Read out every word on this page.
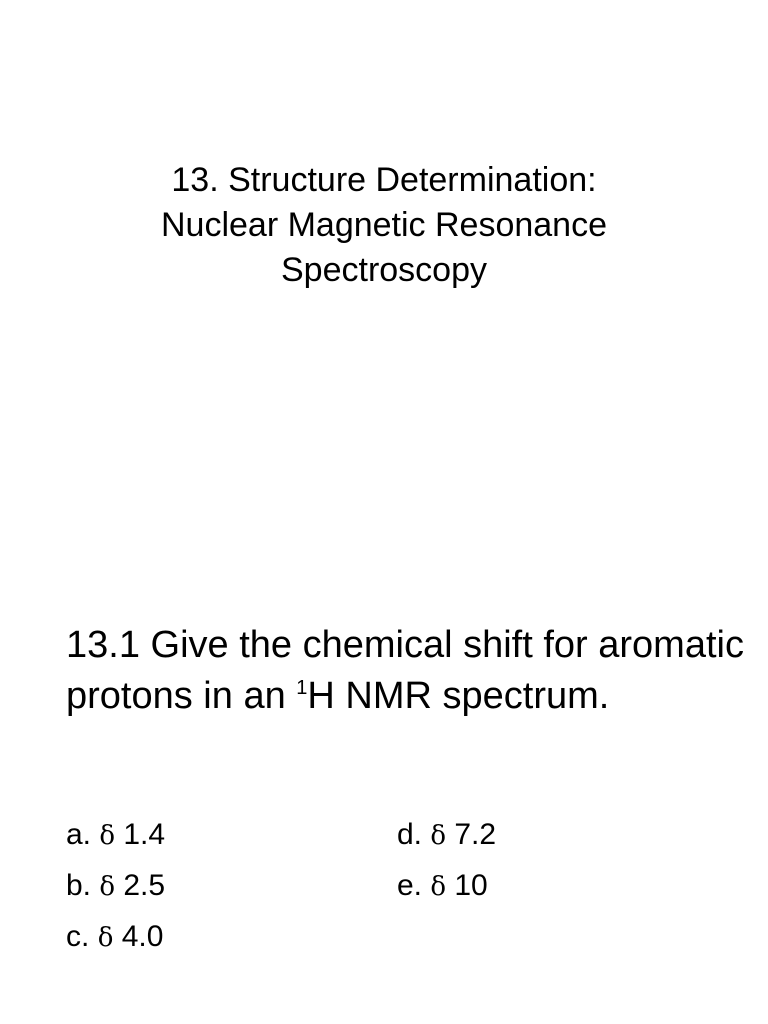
13. Structure Determination:
Nuclear Magnetic Resonance
Spectroscopy
13.1 Give the chemical shift for aromatic protons in an $^1$H NMR spectrum.
a. δ 1.4
b. δ 2.5
c. δ 4.0
d. δ 7.2
e. δ 10
